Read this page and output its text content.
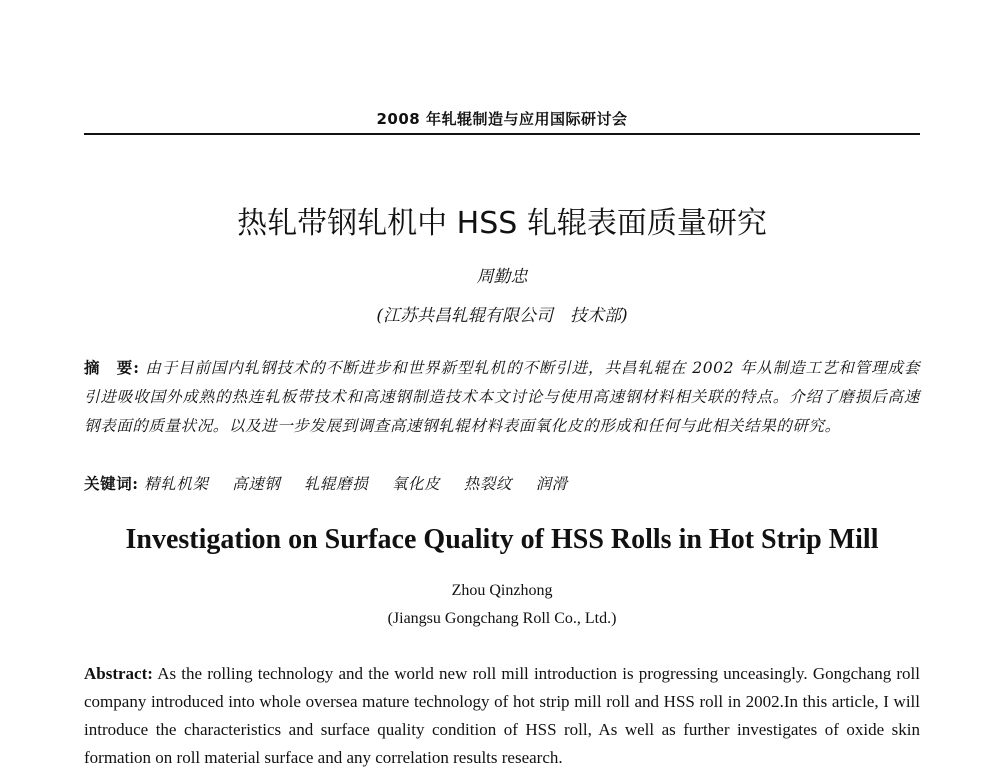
2008 年轧辊制造与应用国际研讨会
热轧带钢轧机中 HSS 轧辊表面质量研究
周勤忠
(江苏共昌轧辊有限公司　技术部)
摘　要: 由于目前国内轧钢技术的不断进步和世界新型轧机的不断引进，共昌轧辊在 2002 年从制造工艺和管理成套引进吸收国外成熟的热连轧板带技术和高速钢制造技术本文讨论与使用高速钢材料相关联的特点。介绍了磨损后高速钢表面的质量状况。以及进一步发展到调查高速钢轧辊材料表面氧化皮的形成和任何与此相关结果的研究。
关键词: 精轧机架 高速钢 轧辊磨损 氧化皮 热裂纹 润滑
Investigation on Surface Quality of HSS Rolls in Hot Strip Mill
Zhou Qinzhong
(Jiangsu Gongchang Roll Co., Ltd.)
Abstract: As the rolling technology and the world new roll mill introduction is progressing unceasingly. Gongchang roll company introduced into whole oversea mature technology of hot strip mill roll and HSS roll in 2002.In this article, I will introduce the characteristics and surface quality condition of HSS roll, As well as further investigates of oxide skin formation on roll material surface and any correlation results research.
